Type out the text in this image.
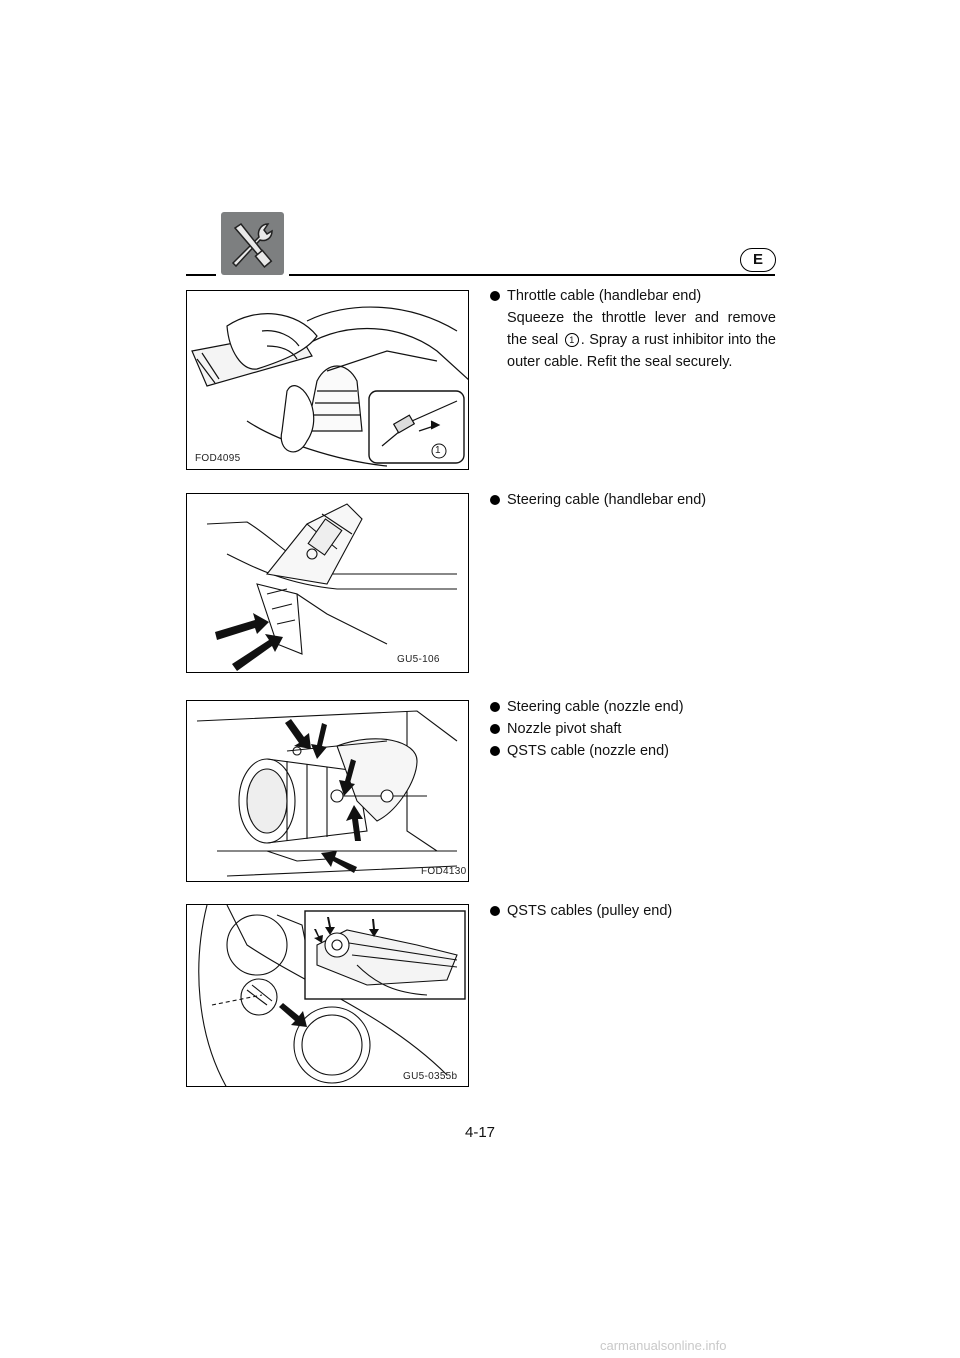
E
FOD4095
1
GU5-106
FOD4130
GU5-0355b
Throttle cable (handlebar end)
Squeeze the throttle lever and remove the seal 1 . Spray a rust inhibitor into the outer cable. Refit the seal securely.
Steering cable (handlebar end)
Steering cable (nozzle end)
Nozzle pivot shaft
QSTS cable (nozzle end)
QSTS cables (pulley end)
4-17
carmanualsonline.info
